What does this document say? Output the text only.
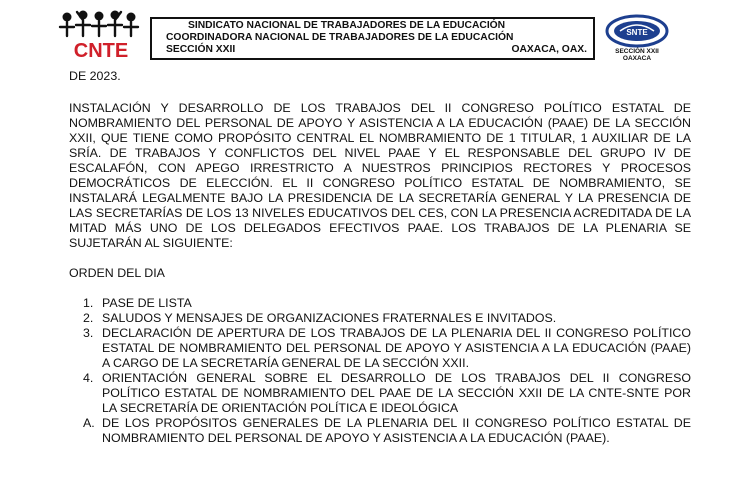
CNTE
SINDICATO NACIONAL DE TRABAJADORES DE LA EDUCACIÓN
COORDINADORA NACIONAL DE TRABAJADORES DE LA EDUCACIÓN
SECCIÓN XXII	OAXACA, OAX.
SNTE
SECCIÓN XXII
OAXACA

DE 2023.

INSTALACIÓN Y DESARROLLO DE LOS TRABAJOS DEL II CONGRESO POLÍTICO ESTATAL DE NOMBRAMIENTO DEL PERSONAL DE APOYO Y ASISTENCIA A LA EDUCACIÓN (PAAE) DE LA SECCIÓN XXII, QUE TIENE COMO PROPÓSITO CENTRAL EL NOMBRAMIENTO DE 1 TITULAR, 1 AUXILIAR DE LA SRÍA. DE TRABAJOS Y CONFLICTOS DEL NIVEL PAAE Y EL RESPONSABLE DEL GRUPO IV DE ESCALAFÓN, CON APEGO IRRESTRICTO A NUESTROS PRINCIPIOS RECTORES Y PROCESOS DEMOCRÁTICOS DE ELECCIÓN. EL II CONGRESO POLÍTICO ESTATAL DE NOMBRAMIENTO, SE INSTALARÁ LEGALMENTE BAJO LA PRESIDENCIA DE LA SECRETARÍA GENERAL Y LA PRESENCIA DE LAS SECRETARÍAS DE LOS 13 NIVELES EDUCATIVOS DEL CES, CON LA PRESENCIA ACREDITADA DE LA MITAD MÁS UNO DE LOS DELEGADOS EFECTIVOS PAAE. LOS TRABAJOS DE LA PLENARIA SE SUJETARÁN AL SIGUIENTE:

ORDEN DEL DIA

1. PASE DE LISTA
2. SALUDOS Y MENSAJES DE ORGANIZACIONES FRATERNALES E INVITADOS.
3. DECLARACIÓN DE APERTURA DE LOS TRABAJOS DE LA PLENARIA DEL II CONGRESO POLÍTICO ESTATAL DE NOMBRAMIENTO DEL PERSONAL DE APOYO Y ASISTENCIA A LA EDUCACIÓN (PAAE) A CARGO DE LA SECRETARÍA GENERAL DE LA SECCIÓN XXII.
4. ORIENTACIÓN GENERAL SOBRE EL DESARROLLO DE LOS TRABAJOS DEL II CONGRESO POLÍTICO ESTATAL DE NOMBRAMIENTO DEL PAAE DE LA SECCIÓN XXII DE LA CNTE-SNTE POR LA SECRETARÍA DE ORIENTACIÓN POLÍTICA E IDEOLÓGICA
A. DE LOS PROPÓSITOS GENERALES DE LA PLENARIA DEL II CONGRESO POLÍTICO ESTATAL DE NOMBRAMIENTO DEL PERSONAL DE APOYO Y ASISTENCIA A LA EDUCACIÓN (PAAE).
